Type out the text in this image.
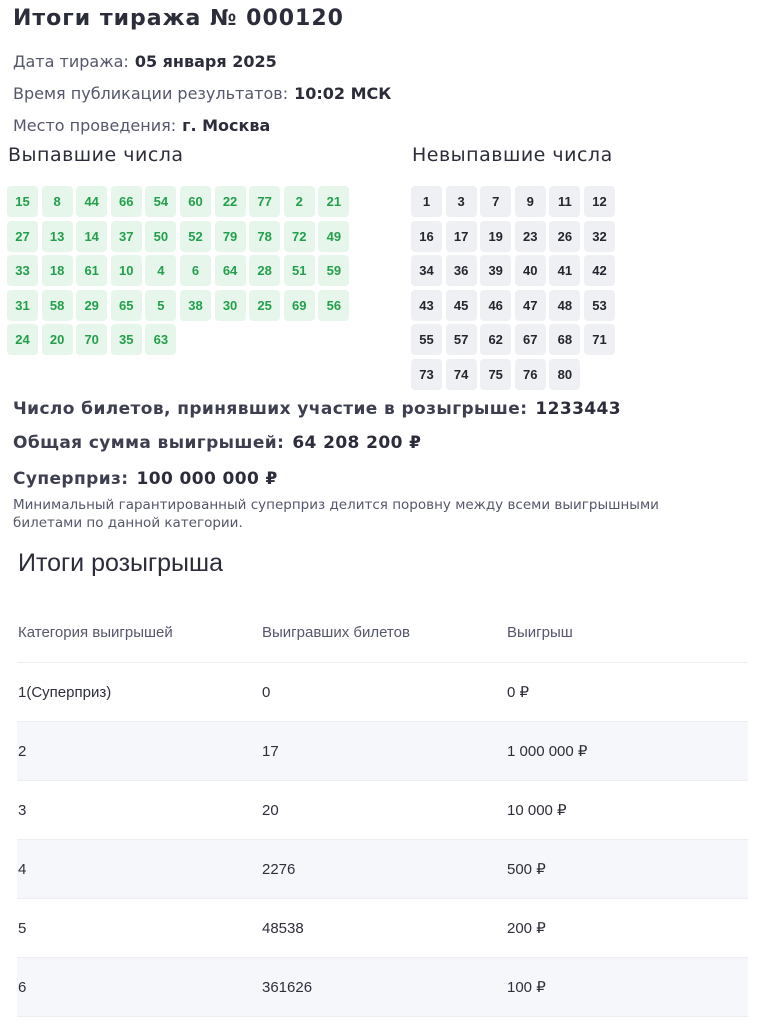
Итоги тиража № 000120
Дата тиража: 05 января 2025
Время публикации результатов: 10:02 МСК
Место проведения: г. Москва
Выпавшие числа	Невыпавшие числа
15	8	44	66	54	60	22	77	2	21
27	13	14	37	50	52	79	78	72	49
33	18	61	10	4	6	64	28	51	59
31	58	29	65	5	38	30	25	69	56
24	20	70	35	63
1	3	7	9	11	12
16	17	19	23	26	32
34	36	39	40	41	42
43	45	46	47	48	53
55	57	62	67	68	71
73	74	75	76	80
Число билетов, принявших участие в розыгрыше: 1233443
Общая сумма выигрышей: 64 208 200 ₽
Суперприз: 100 000 000 ₽

Минимальный гарантированный суперприз делится поровну между всеми выигрышными билетами по данной категории.

Итоги розыгрыша
Категория выигрышей	Выигравших билетов	Выигрыш
1(Суперприз)	0	0 ₽
2	17	1 000 000 ₽
3	20	10 000 ₽
4	2276	500 ₽
5	48538	200 ₽
6	361626	100 ₽
